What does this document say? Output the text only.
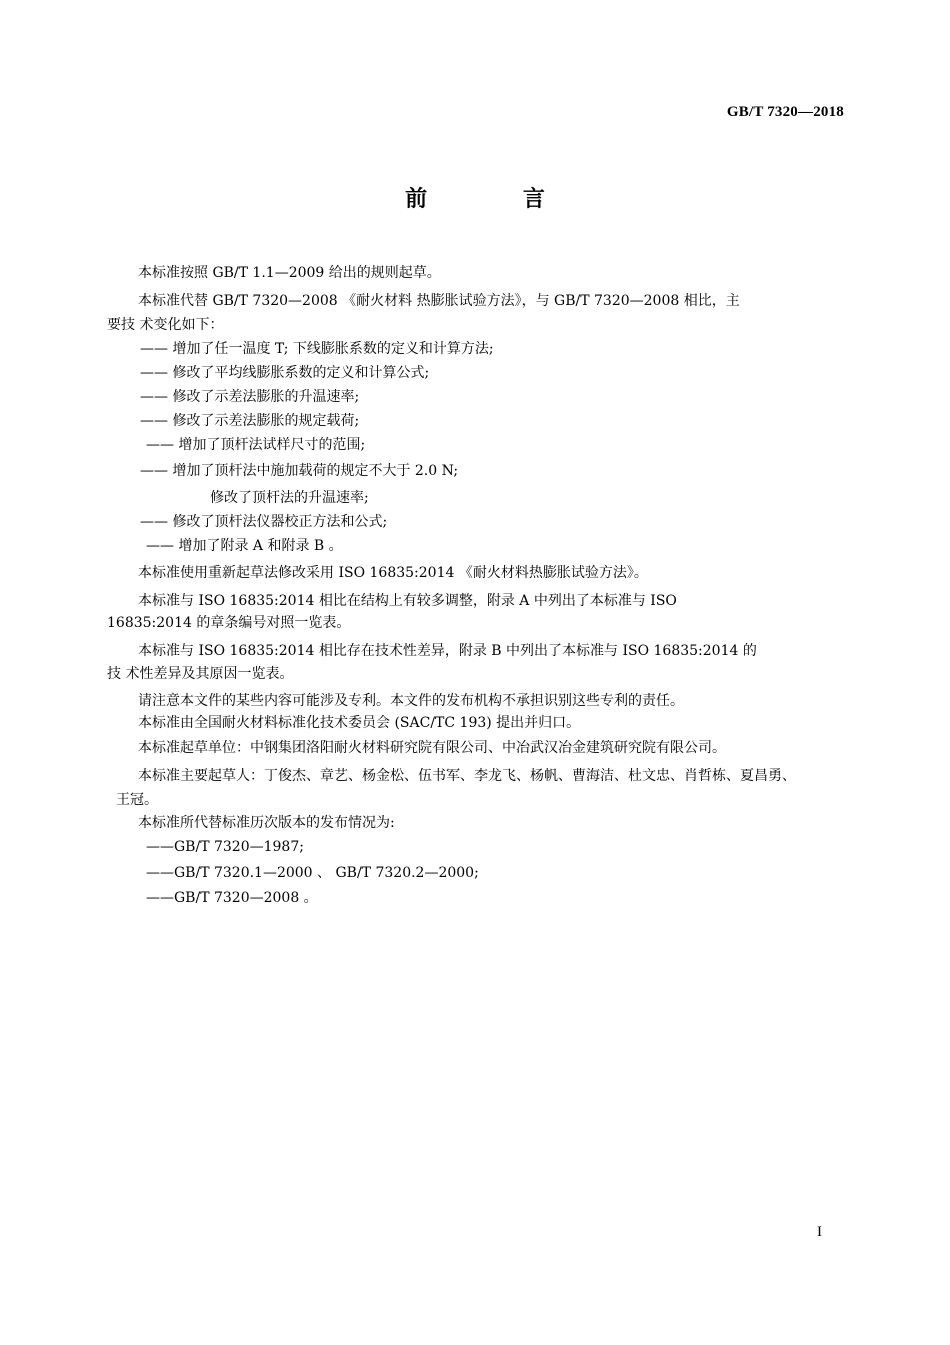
GB/T 7320—2018
前 言
本标准按照 GB/T 1.1—2009 给出的规则起草。
本标准代替 GB/T 7320—2008 《耐火材料 热膨胀试验方法》，与 GB/T 7320—2008 相比，主
要技 术变化如下：
—— 增加了任一温度 T; 下线膨胀系数的定义和计算方法;
—— 修改了平均线膨胀系数的定义和计算公式;
—— 修改了示差法膨胀的升温速率;
—— 修改了示差法膨胀的规定载荷;
—— 增加了顶杆法试样尺寸的范围;
—— 增加了顶杆法中施加载荷的规定不大于 2.0 N;
修改了顶杆法的升温速率;
—— 修改了顶杆法仪器校正方法和公式;
—— 增加了附录 A 和附录 B 。
本标准使用重新起草法修改采用 ISO 16835:2014 《耐火材料热膨胀试验方法》。
本标准与 ISO 16835:2014 相比在结构上有较多调整，附录 A 中列出了本标准与 ISO
16835:2014 的章条编号对照一览表。
本标准与 ISO 16835:2014 相比存在技术性差异，附录 B 中列出了本标准与 ISO 16835:2014 的
技 术性差异及其原因一览表。
请注意本文件的某些内容可能涉及专利。本文件的发布机构不承担识别这些专利的责任。
本标准由全国耐火材料标准化技术委员会 (SAC/TC 193) 提出并归口。
本标准起草单位：中钢集团洛阳耐火材料研究院有限公司、中冶武汉冶金建筑研究院有限公司。
本标准主要起草人：丁俊杰、章艺、杨金松、伍书军、李龙飞、杨帆、曹海洁、杜文忠、肖哲栋、夏昌勇、
王冠。
本标准所代替标准历次版本的发布情况为:
——GB/T 7320—1987;
——GB/T 7320.1—2000 、 GB/T 7320.2—2000;
——GB/T 7320—2008 。
I
